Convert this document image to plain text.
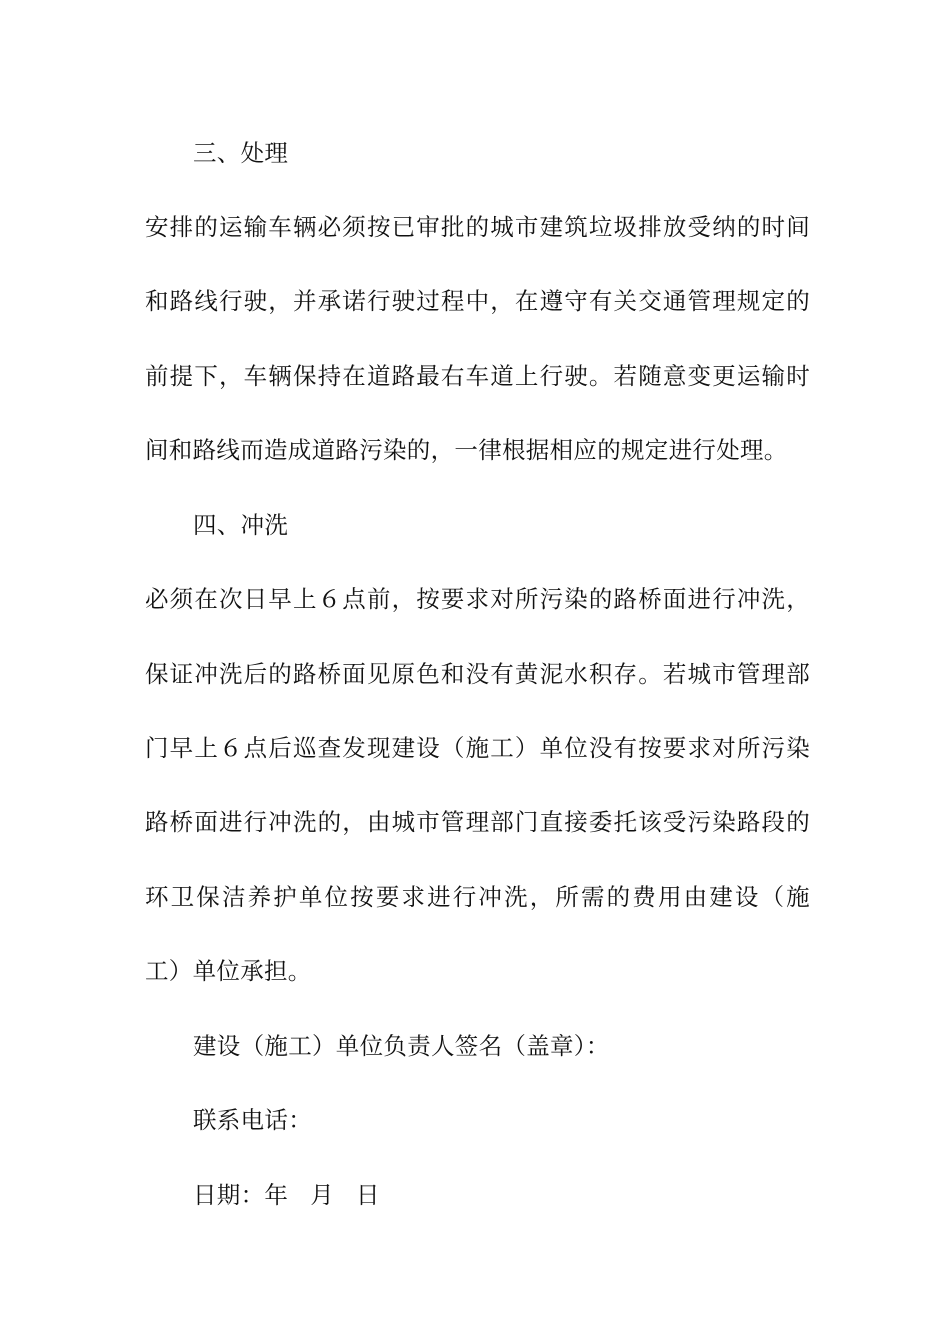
三、处理
安排的运输车辆必须按已审批的城市建筑垃圾排放受纳的时间
和路线行驶，并承诺行驶过程中，在遵守有关交通管理规定的
前提下，车辆保持在道路最右车道上行驶。若随意变更运输时
间和路线而造成道路污染的，一律根据相应的规定进行处理。
四、冲洗
必须在次日早上６点前，按要求对所污染的路桥面进行冲洗，
保证冲洗后的路桥面见原色和没有黄泥水积存。若城市管理部
门早上６点后巡查发现建设（施工）单位没有按要求对所污染
路桥面进行冲洗的，由城市管理部门直接委托该受污染路段的
环卫保洁养护单位按要求进行冲洗，所需的费用由建设（施
工）单位承担。
建设（施工）单位负责人签名（盖章）：
联系电话：
日期：年 月 日
